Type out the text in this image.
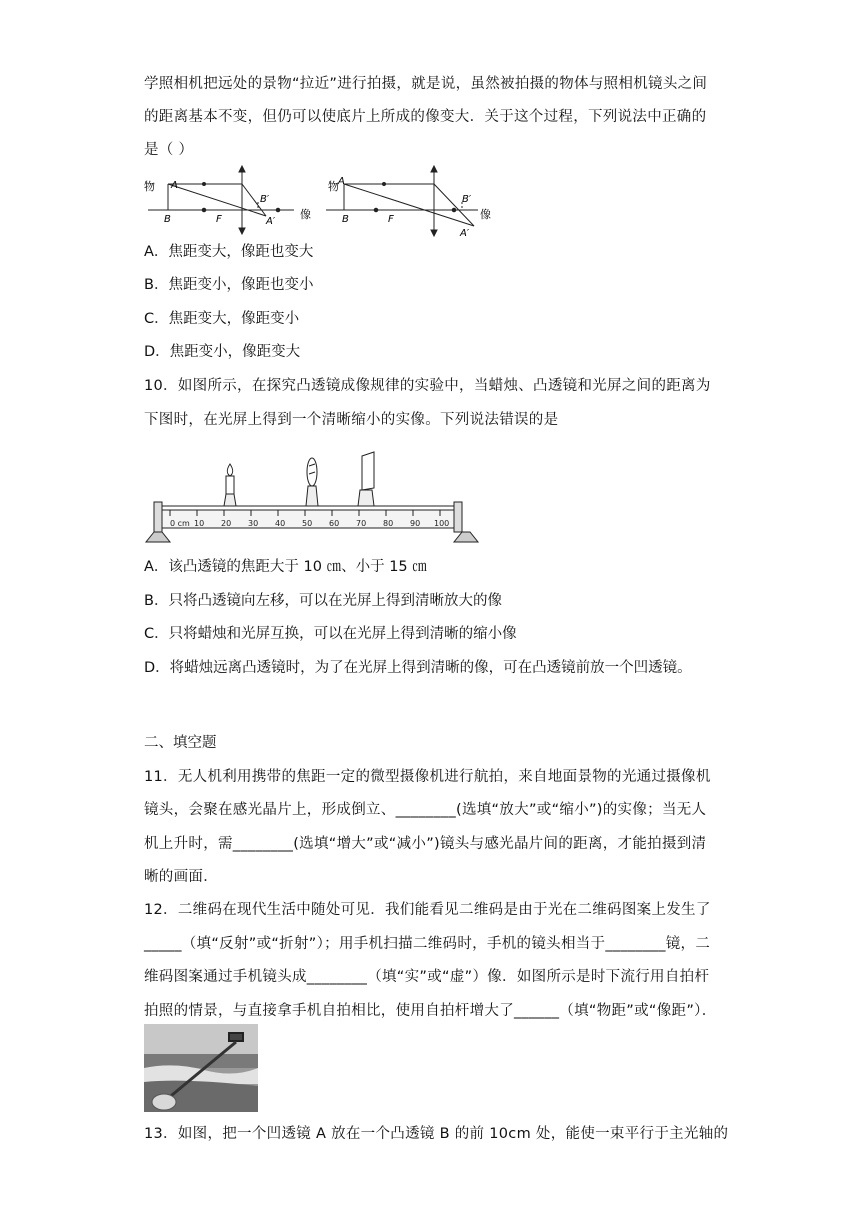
学照相机把远处的景物“拉近”进行拍摄，就是说，虽然被拍摄的物体与照相机镜头之间
的距离基本不变，但仍可以使底片上所成的像变大．关于这个过程，下列说法中正确的
是（ ）
物 A
B	F
B′
A′
像
物 A
B	F
B′
A′
像
A．焦距变大，像距也变大
B．焦距变小，像距也变小
C．焦距变大，像距变小
D．焦距变小，像距变大
10．如图所示，在探究凸透镜成像规律的实验中，当蜡烛、凸透镜和光屏之间的距离为
下图时，在光屏上得到一个清晰缩小的实像。下列说法错误的是
0 cm 10 20 30 40 50 60 70 80 90 100
A．该凸透镜的焦距大于 10 ㎝、小于 15 ㎝
B．只将凸透镜向左移，可以在光屏上得到清晰放大的像
C．只将蜡烛和光屏互换，可以在光屏上得到清晰的缩小像
D．将蜡烛远离凸透镜时，为了在光屏上得到清晰的像，可在凸透镜前放一个凹透镜。
二、填空题
11．无人机利用携带的焦距一定的微型摄像机进行航拍，来自地面景物的光通过摄像机
镜头，会聚在感光晶片上，形成倒立、________(选填“放大”或“缩小”)的实像；当无人
机上升时，需________(选填“增大”或“减小”)镜头与感光晶片间的距离，才能拍摄到清
晰的画面．
12．二维码在现代生活中随处可见．我们能看见二维码是由于光在二维码图案上发生了
_____（填“反射”或“折射”）；用手机扫描二维码时，手机的镜头相当于________镜，二
维码图案通过手机镜头成________（填“实”或“虚”）像．如图所示是时下流行用自拍杆
拍照的情景，与直接拿手机自拍相比，使用自拍杆增大了______（填“物距”或“像距”）．
13．如图，把一个凹透镜 A 放在一个凸透镜 B 的前 10cm 处，能使一束平行于主光轴的
